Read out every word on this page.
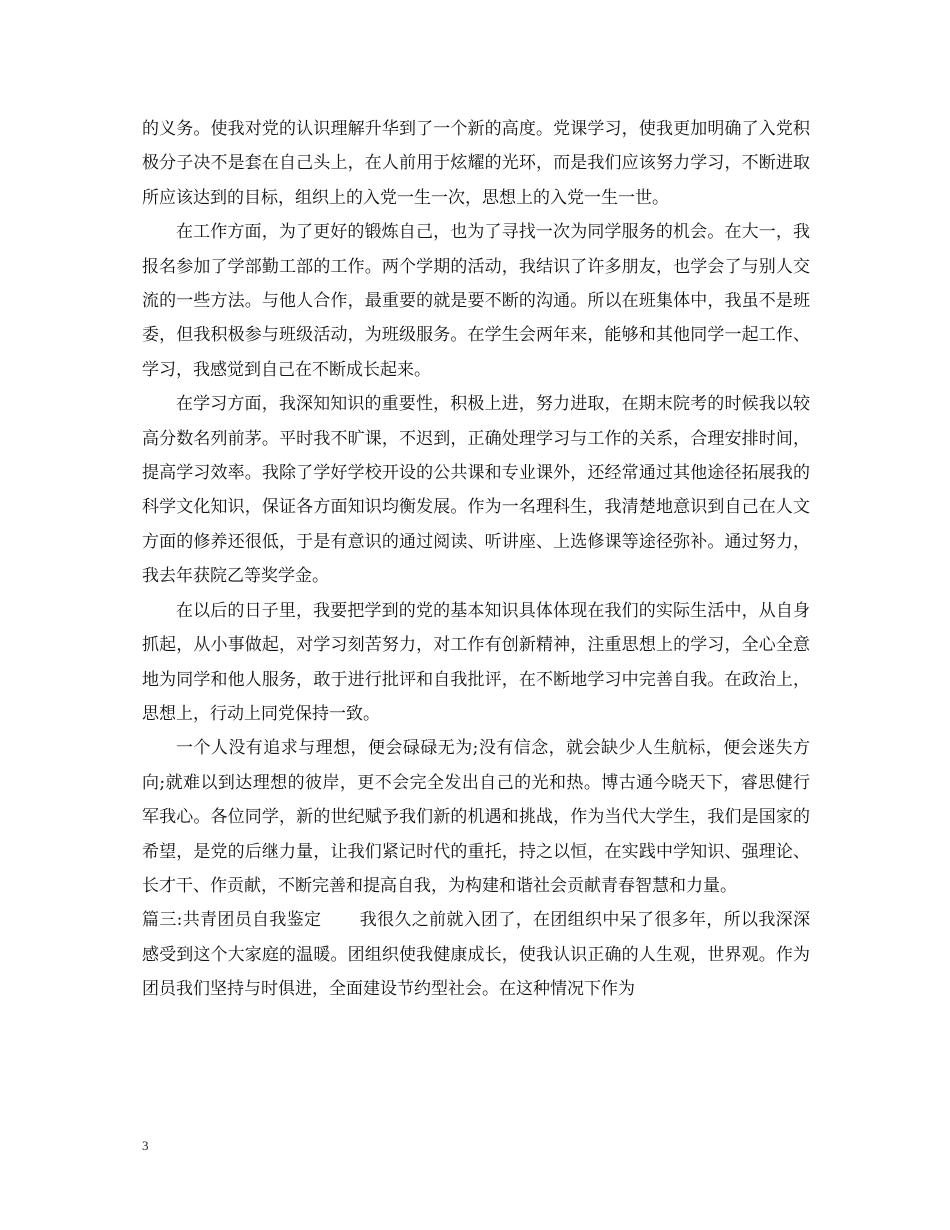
的义务。使我对党的认识理解升华到了一个新的高度。党课学习，使我更加明确了入党积极分子决不是套在自己头上，在人前用于炫耀的光环，而是我们应该努力学习，不断进取所应该达到的目标，组织上的入党一生一次，思想上的入党一生一世。

在工作方面，为了更好的锻炼自己，也为了寻找一次为同学服务的机会。在大一，我报名参加了学部勤工部的工作。两个学期的活动，我结识了许多朋友，也学会了与别人交流的一些方法。与他人合作，最重要的就是要不断的沟通。所以在班集体中，我虽不是班委，但我积极参与班级活动，为班级服务。在学生会两年来，能够和其他同学一起工作、学习，我感觉到自己在不断成长起来。

在学习方面，我深知知识的重要性，积极上进，努力进取，在期末院考的时候我以较高分数名列前茅。平时我不旷课，不迟到，正确处理学习与工作的关系，合理安排时间，提高学习效率。我除了学好学校开设的公共课和专业课外，还经常通过其他途径拓展我的科学文化知识，保证各方面知识均衡发展。作为一名理科生，我清楚地意识到自己在人文方面的修养还很低，于是有意识的通过阅读、听讲座、上选修课等途径弥补。通过努力，我去年获院乙等奖学金。

在以后的日子里，我要把学到的党的基本知识具体体现在我们的实际生活中，从自身抓起，从小事做起，对学习刻苦努力，对工作有创新精神，注重思想上的学习，全心全意地为同学和他人服务，敢于进行批评和自我批评，在不断地学习中完善自我。在政治上，思想上，行动上同党保持一致。

一个人没有追求与理想，便会碌碌无为;没有信念，就会缺少人生航标，便会迷失方向;就难以到达理想的彼岸，更不会完全发出自己的光和热。博古通今晓天下，睿思健行军我心。各位同学，新的世纪赋予我们新的机遇和挑战，作为当代大学生，我们是国家的希望，是党的后继力量，让我们紧记时代的重托，持之以恒，在实践中学知识、强理论、长才干、作贡献，不断完善和提高自我，为构建和谐社会贡献青春智慧和力量。

篇三:共青团员自我鉴定 我很久之前就入团了，在团组织中呆了很多年，所以我深深感受到这个大家庭的温暖。团组织使我健康成长，使我认识正确的人生观，世界观。作为团员我们坚持与时俱进，全面建设节约型社会。在这种情况下作为

3
